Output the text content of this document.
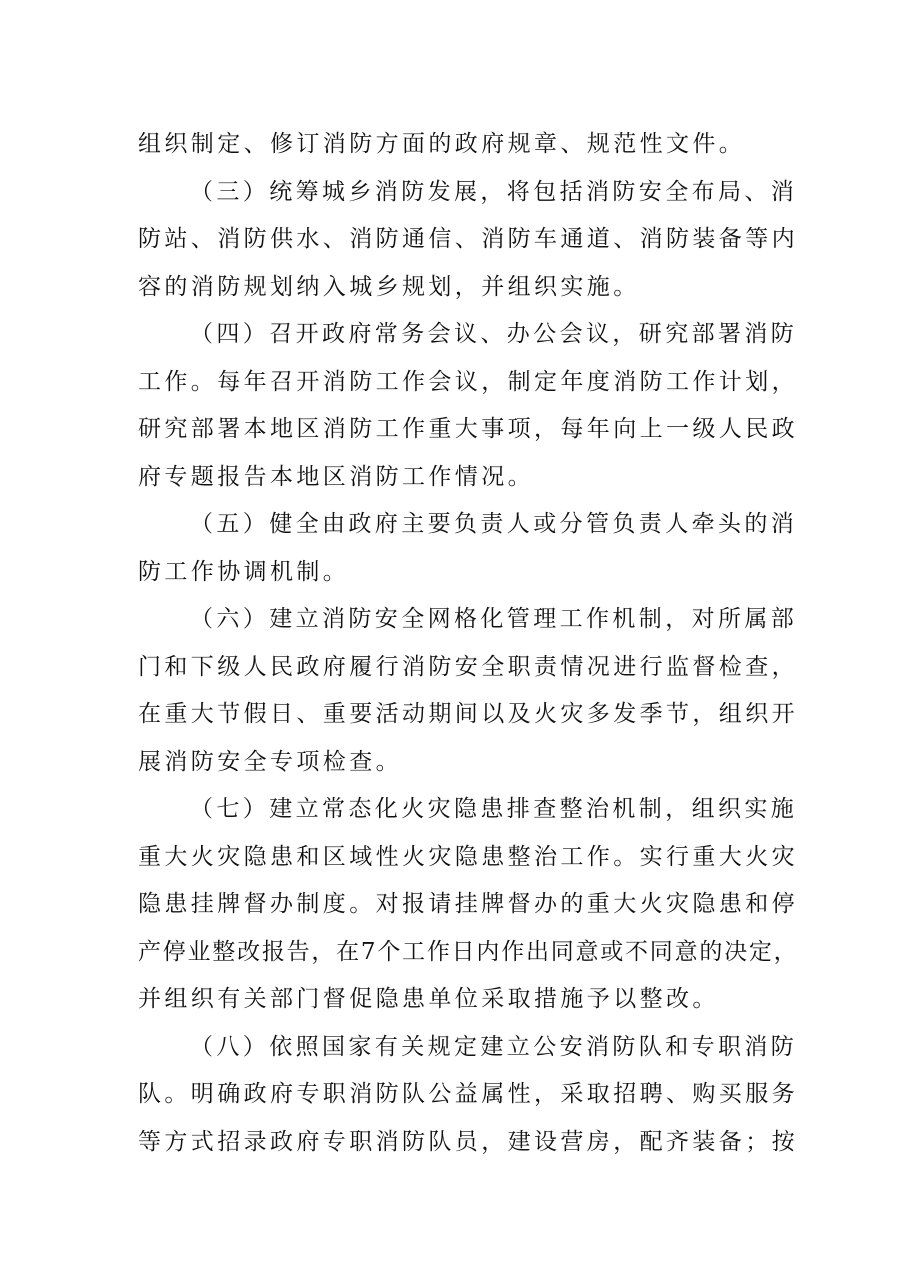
组织制定、修订消防方面的政府规章、规范性文件。
（三）统筹城乡消防发展，将包括消防安全布局、消
防站、消防供水、消防通信、消防车通道、消防装备等内
容的消防规划纳入城乡规划，并组织实施。
（四）召开政府常务会议、办公会议，研究部署消防
工作。每年召开消防工作会议，制定年度消防工作计划，
研究部署本地区消防工作重大事项，每年向上一级人民政
府专题报告本地区消防工作情况。
（五）健全由政府主要负责人或分管负责人牵头的消
防工作协调机制。
（六）建立消防安全网格化管理工作机制，对所属部
门和下级人民政府履行消防安全职责情况进行监督检查，
在重大节假日、重要活动期间以及火灾多发季节，组织开
展消防安全专项检查。
（七）建立常态化火灾隐患排查整治机制，组织实施
重大火灾隐患和区域性火灾隐患整治工作。实行重大火灾
隐患挂牌督办制度。对报请挂牌督办的重大火灾隐患和停
产停业整改报告，在7个工作日内作出同意或不同意的决定，
并组织有关部门督促隐患单位采取措施予以整改。
（八）依照国家有关规定建立公安消防队和专职消防
队。明确政府专职消防队公益属性，采取招聘、购买服务
等方式招录政府专职消防队员，建设营房，配齐装备；按
